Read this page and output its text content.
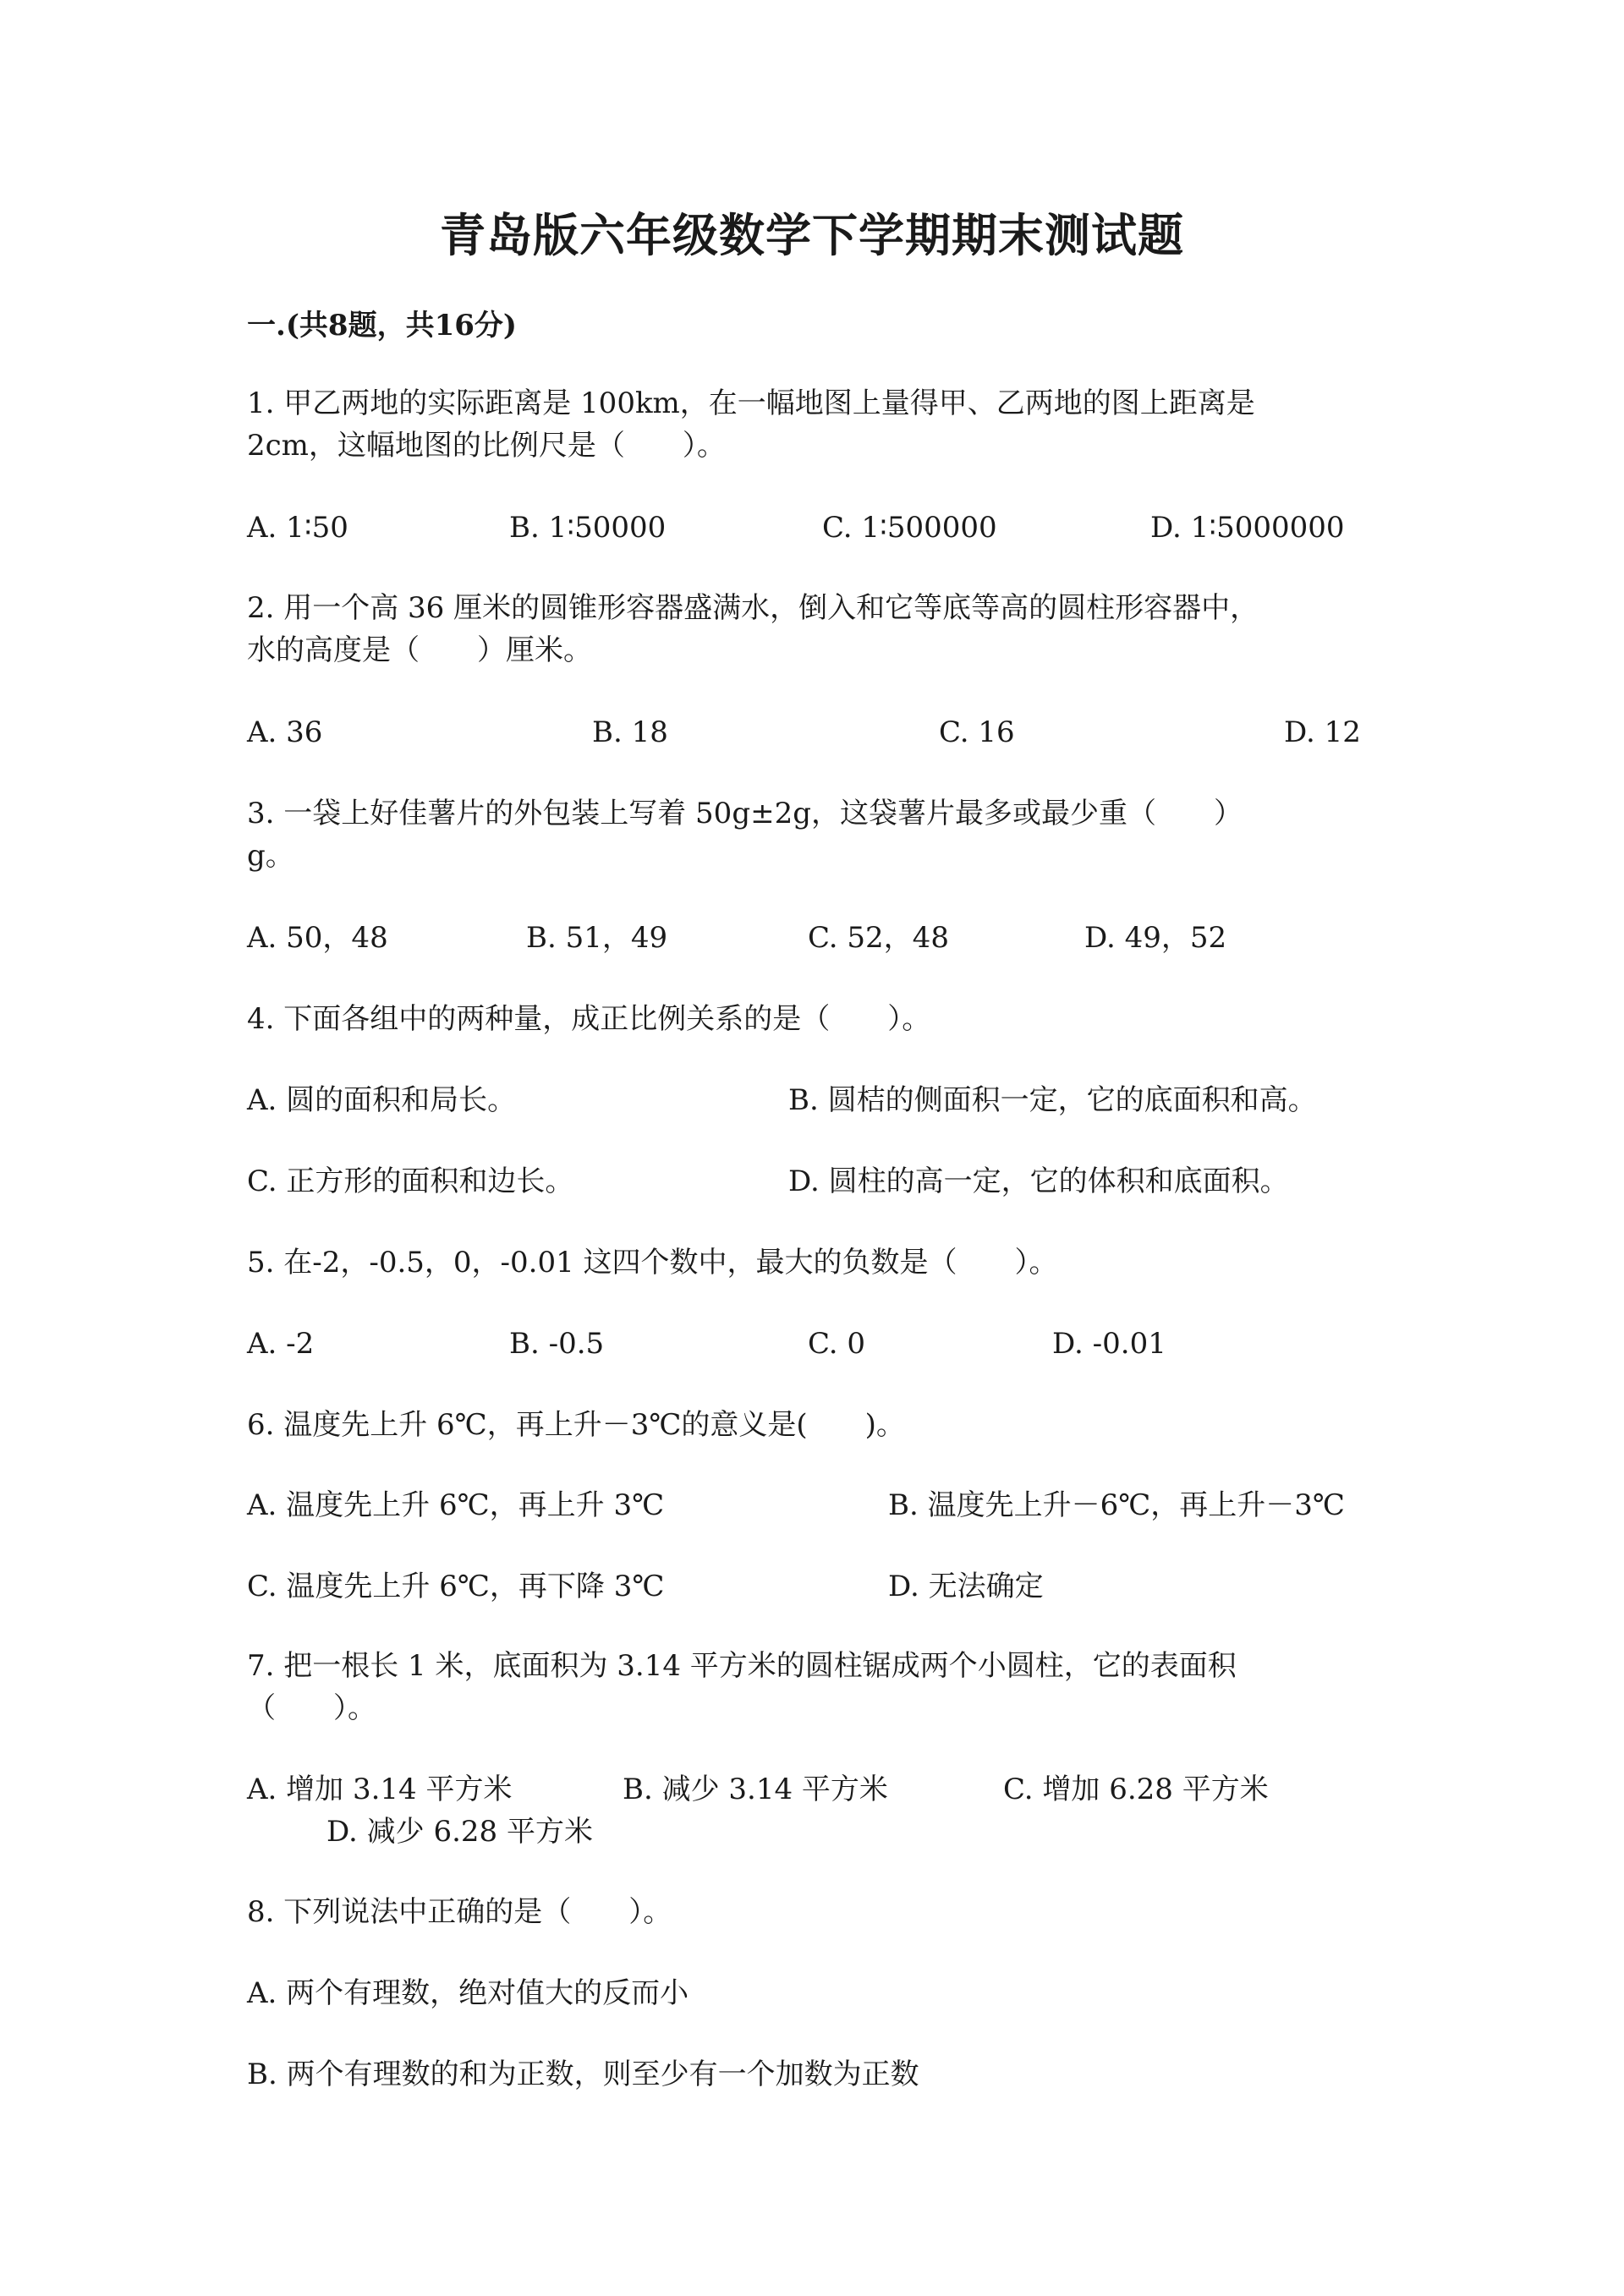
青岛版六年级数学下学期期末测试题
一.(共8题，共16分)
1. 甲乙两地的实际距离是 100km，在一幅地图上量得甲、乙两地的图上距离是
2cm，这幅地图的比例尺是（　　）。
A. 1∶50	B. 1∶50000	C. 1∶500000	D. 1∶5000000
2. 用一个高 36 厘米的圆锥形容器盛满水，倒入和它等底等高的圆柱形容器中，
水的高度是（　　）厘米。
A. 36	B. 18	C. 16	D. 12
3. 一袋上好佳薯片的外包装上写着 50g±2g，这袋薯片最多或最少重（　　）
g。
A. 50，48	B. 51，49	C. 52，48	D. 49，52
4. 下面各组中的两种量，成正比例关系的是（　　）。
A. 圆的面积和局长。	B. 圆桔的侧面积一定，它的底面积和高。
C. 正方形的面积和边长。	D. 圆柱的高一定，它的体积和底面积。
5. 在-2，-0.5，0，-0.01 这四个数中，最大的负数是（　　）。
A. -2	B. -0.5	C. 0	D. -0.01
6. 温度先上升 6℃，再上升－3℃的意义是(　　)。
A. 温度先上升 6℃，再上升 3℃	B. 温度先上升－6℃，再上升－3℃
C. 温度先上升 6℃，再下降 3℃	D. 无法确定
7. 把一根长 1 米，底面积为 3.14 平方米的圆柱锯成两个小圆柱，它的表面积
（　　）。
A. 增加 3.14 平方米	B. 减少 3.14 平方米	C. 增加 6.28 平方米
D. 减少 6.28 平方米
8. 下列说法中正确的是（　　）。
A. 两个有理数，绝对值大的反而小
B. 两个有理数的和为正数，则至少有一个加数为正数
